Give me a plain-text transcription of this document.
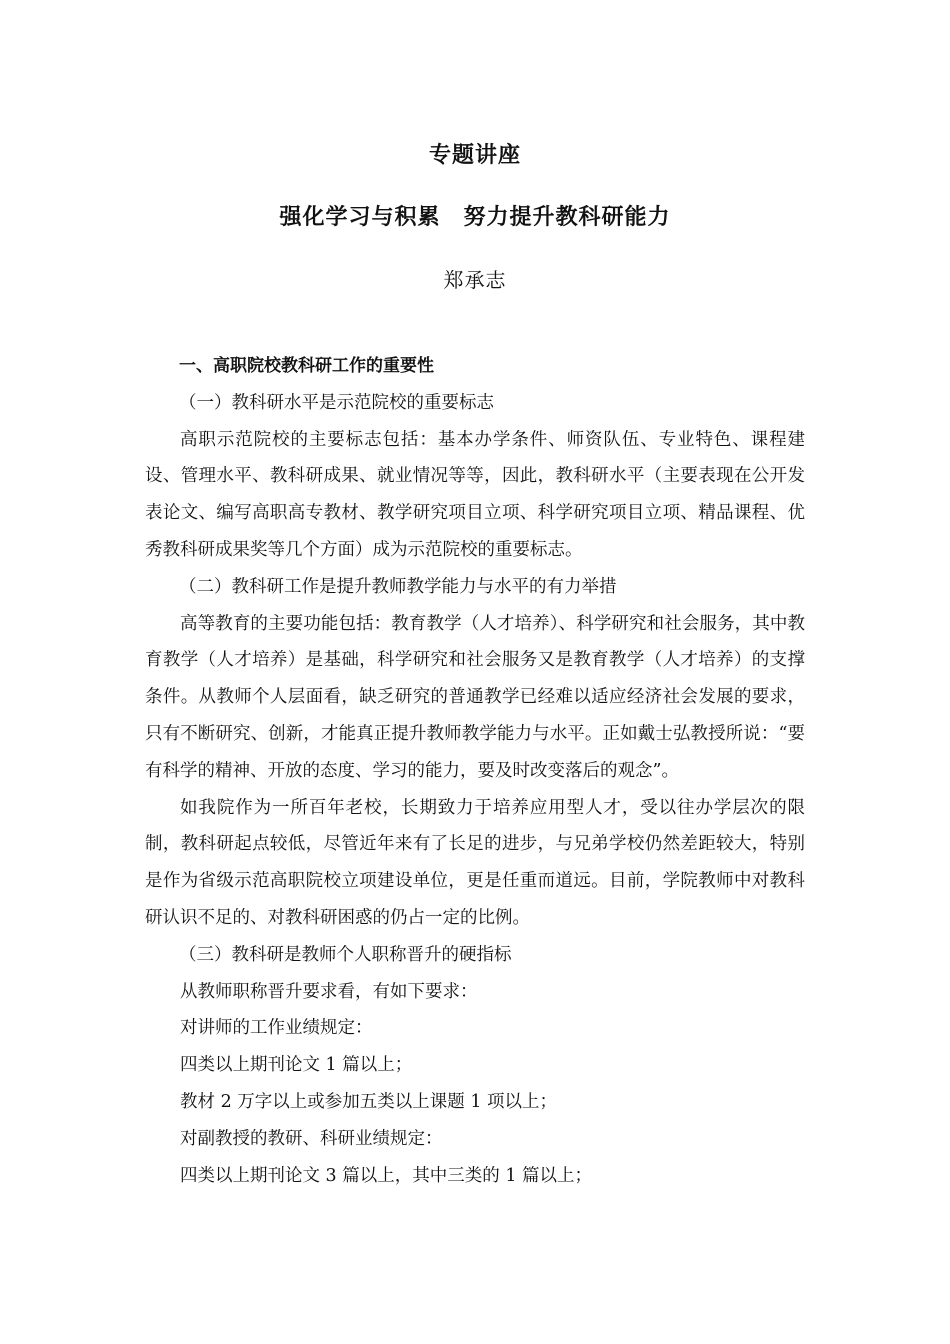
专题讲座
强化学习与积累　努力提升教科研能力

郑承志

一、高职院校教科研工作的重要性

（一）教科研水平是示范院校的重要标志

高职示范院校的主要标志包括：基本办学条件、师资队伍、专业特色、课程建设、管理水平、教科研成果、就业情况等等，因此，教科研水平（主要表现在公开发表论文、编写高职高专教材、教学研究项目立项、科学研究项目立项、精品课程、优秀教科研成果奖等几个方面）成为示范院校的重要标志。

（二）教科研工作是提升教师教学能力与水平的有力举措

高等教育的主要功能包括：教育教学（人才培养）、科学研究和社会服务，其中教育教学（人才培养）是基础，科学研究和社会服务又是教育教学（人才培养）的支撑条件。从教师个人层面看，缺乏研究的普通教学已经难以适应经济社会发展的要求，只有不断研究、创新，才能真正提升教师教学能力与水平。正如戴士弘教授所说：“要有科学的精神、开放的态度、学习的能力，要及时改变落后的观念”。

如我院作为一所百年老校，长期致力于培养应用型人才，受以往办学层次的限制，教科研起点较低，尽管近年来有了长足的进步，与兄弟学校仍然差距较大，特别是作为省级示范高职院校立项建设单位，更是任重而道远。目前，学院教师中对教科研认识不足的、对教科研困惑的仍占一定的比例。

（三）教科研是教师个人职称晋升的硬指标

从教师职称晋升要求看，有如下要求：

对讲师的工作业绩规定：

四类以上期刊论文 1 篇以上；

教材 2 万字以上或参加五类以上课题 1 项以上；

对副教授的教研、科研业绩规定：

四类以上期刊论文 3 篇以上，其中三类的 1 篇以上；
